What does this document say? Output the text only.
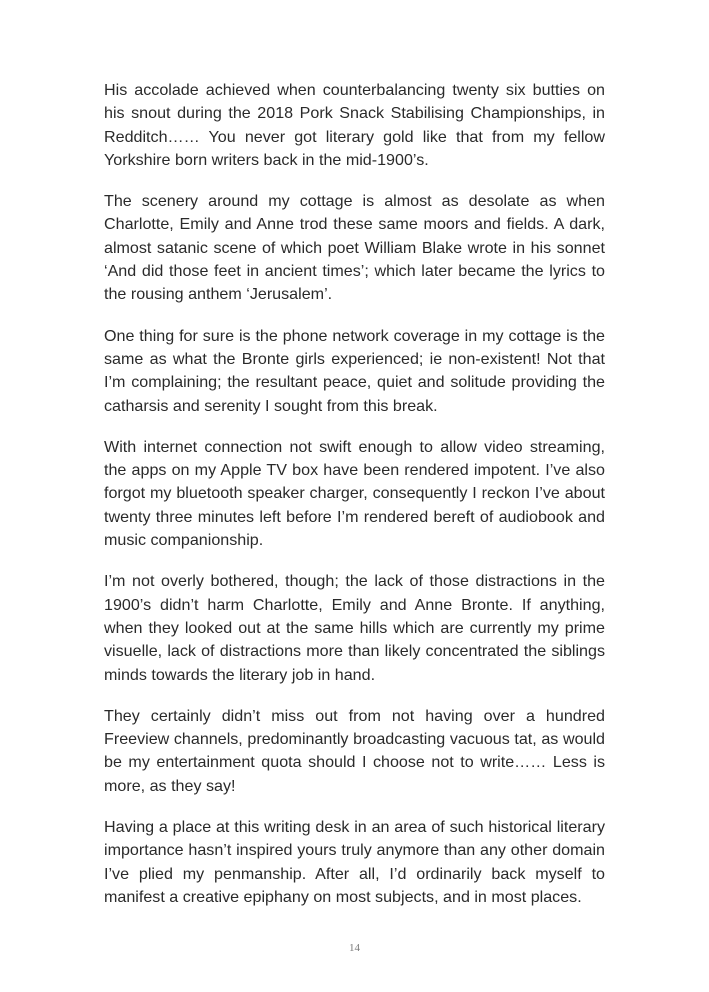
His accolade achieved when counterbalancing twenty six butties on his snout during the 2018 Pork Snack Stabilising Championships, in Redditch…… You never got literary gold like that from my fellow Yorkshire born writers back in the mid-1900’s.

The scenery around my cottage is almost as desolate as when Charlotte, Emily and Anne trod these same moors and fields. A dark, almost satanic scene of which poet William Blake wrote in his sonnet ‘And did those feet in ancient times’; which later became the lyrics to the rousing anthem ‘Jerusalem’.

One thing for sure is the phone network coverage in my cottage is the same as what the Bronte girls experienced; ie non-existent! Not that I’m complaining; the resultant peace, quiet and solitude providing the catharsis and serenity I sought from this break.

With internet connection not swift enough to allow video streaming, the apps on my Apple TV box have been rendered impotent. I’ve also forgot my bluetooth speaker charger, consequently I reckon I’ve about twenty three minutes left before I’m rendered bereft of audiobook and music companionship.

I’m not overly bothered, though; the lack of those distractions in the 1900’s didn’t harm Charlotte, Emily and Anne Bronte. If anything, when they looked out at the same hills which are currently my prime visuelle, lack of distractions more than likely concentrated the siblings minds towards the literary job in hand.

They certainly didn’t miss out from not having over a hundred Freeview channels, predominantly broadcasting vacuous tat, as would be my entertainment quota should I choose not to write…… Less is more, as they say!

Having a place at this writing desk in an area of such historical literary importance hasn’t inspired yours truly anymore than any other domain I’ve plied my penmanship. After all, I’d ordinarily back myself to manifest a creative epiphany on most subjects, and in most places.

14
